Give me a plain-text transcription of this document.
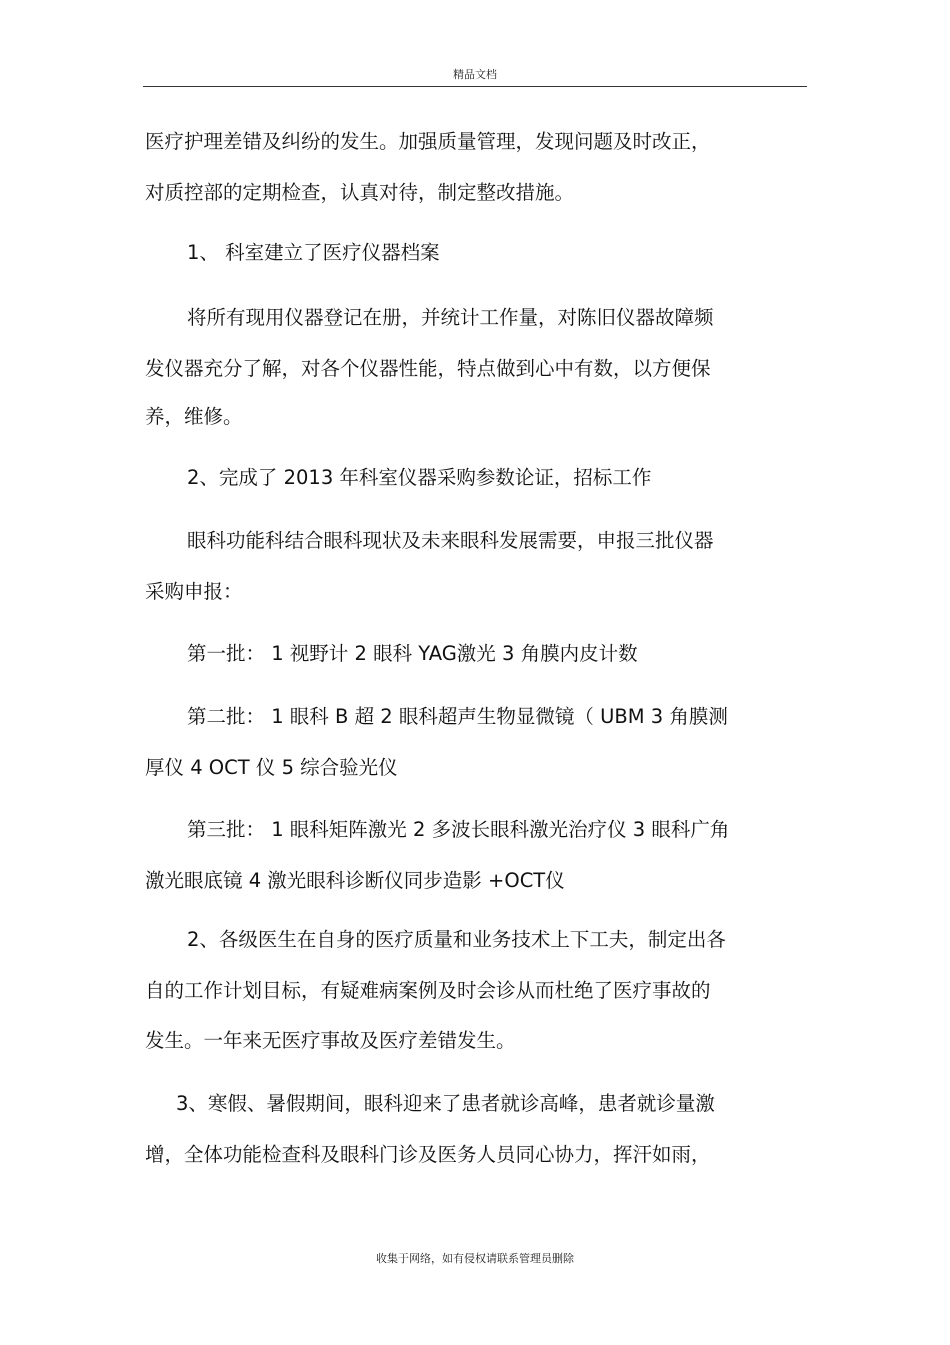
精品文档
医疗护理差错及纠纷的发生。加强质量管理，发现问题及时改正，
对质控部的定期检查，认真对待，制定整改措施。
1、 科室建立了医疗仪器档案
将所有现用仪器登记在册，并统计工作量，对陈旧仪器故障频
发仪器充分了解，对各个仪器性能，特点做到心中有数，以方便保
养，维修。
2、完成了 2013 年科室仪器采购参数论证，招标工作
眼科功能科结合眼科现状及未来眼科发展需要，申报三批仪器
采购申报：
第一批： 1 视野计 2 眼科 YAG激光 3 角膜内皮计数
第二批： 1 眼科 B 超 2 眼科超声生物显微镜（ UBM 3 角膜测
厚仪 4 OCT 仪 5 综合验光仪
第三批： 1 眼科矩阵激光 2 多波长眼科激光治疗仪 3 眼科广角
激光眼底镜 4 激光眼科诊断仪同步造影 +OCT仪
2、各级医生在自身的医疗质量和业务技术上下工夫，制定出各
自的工作计划目标，有疑难病案例及时会诊从而杜绝了医疗事故的
发生。一年来无医疗事故及医疗差错发生。
3、寒假、暑假期间，眼科迎来了患者就诊高峰，患者就诊量激
增，全体功能检查科及眼科门诊及医务人员同心协力，挥汗如雨，
收集于网络，如有侵权请联系管理员删除
